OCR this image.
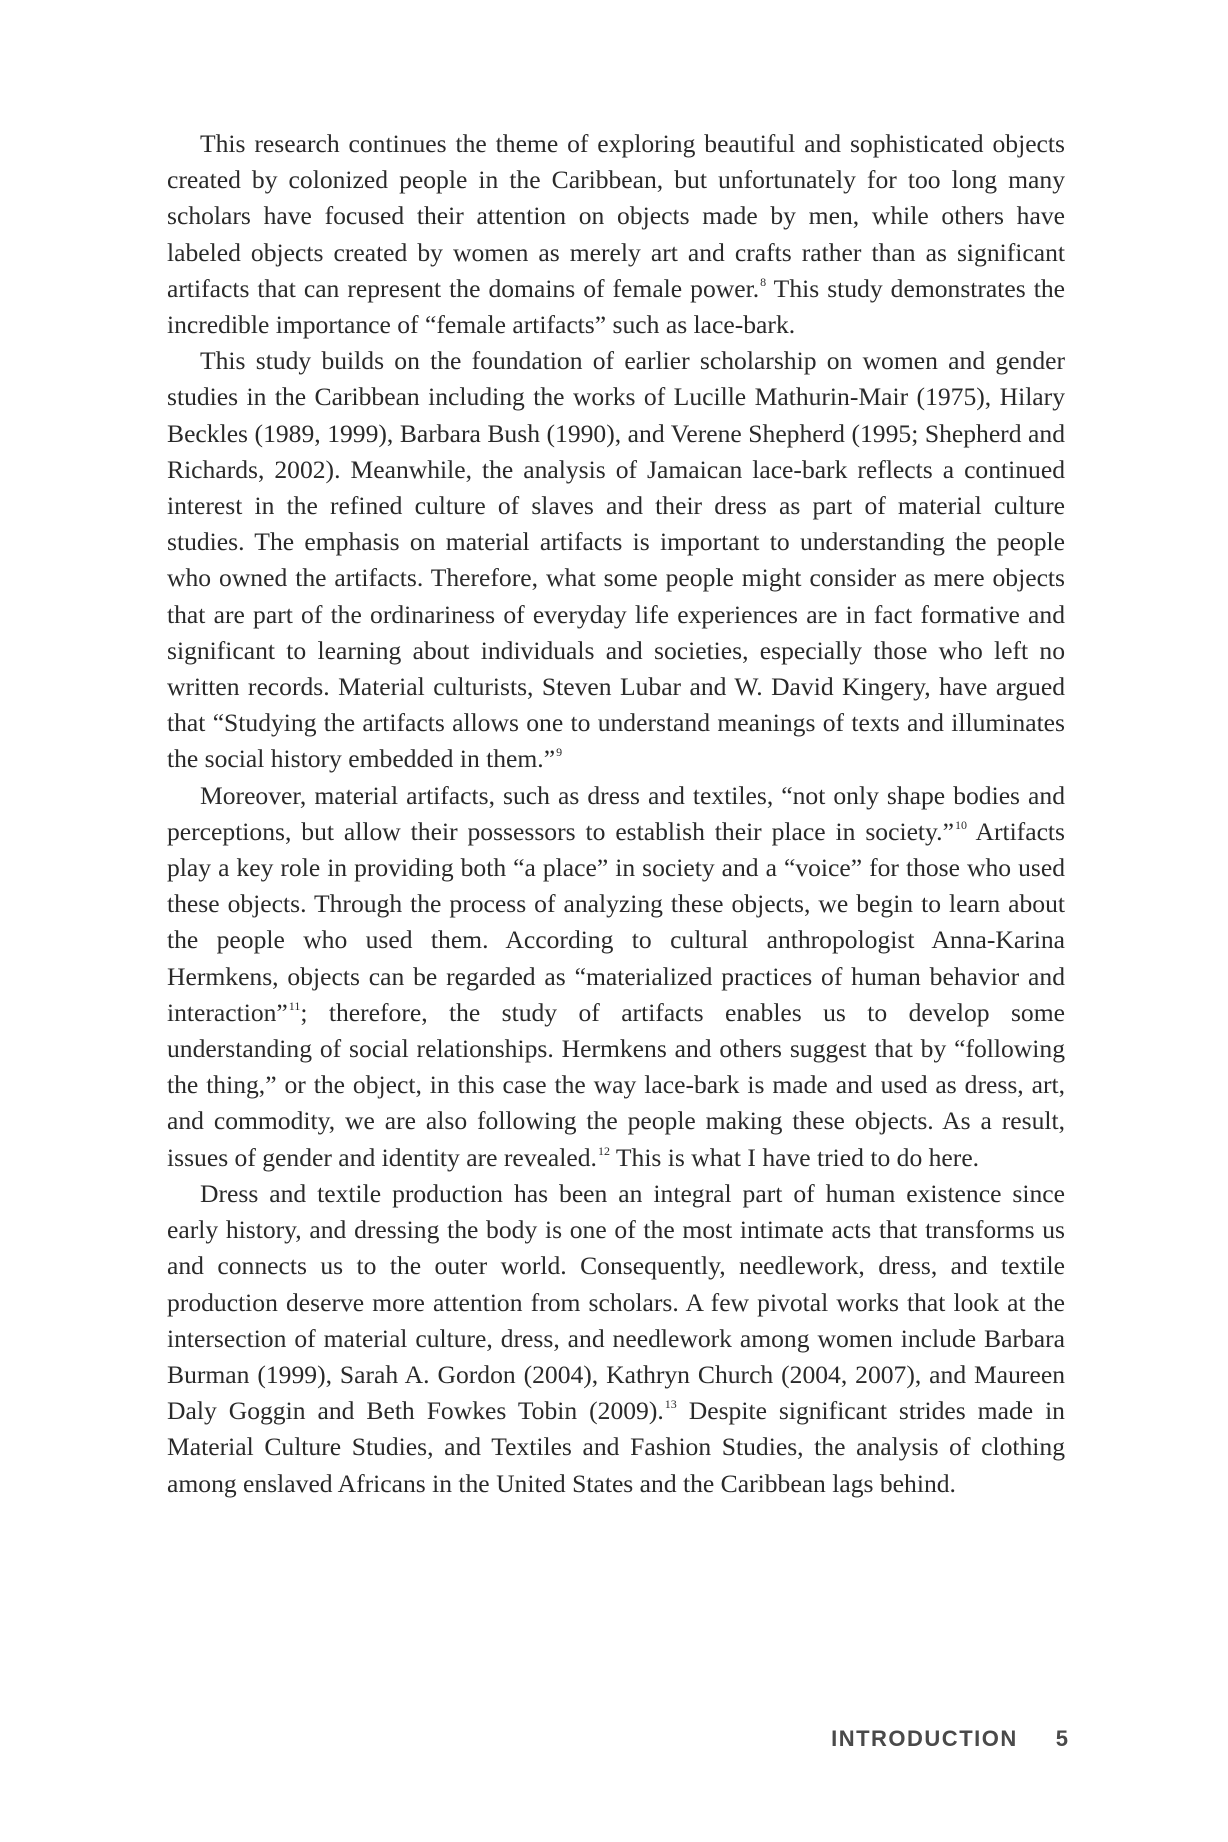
This research continues the theme of exploring beautiful and sophisticated objects created by colonized people in the Caribbean, but unfortunately for too long many scholars have focused their attention on objects made by men, while others have labeled objects created by women as merely art and crafts rather than as significant artifacts that can represent the domains of female power.$^8$ This study demonstrates the incredible importance of “female artifacts” such as lace-bark.

This study builds on the foundation of earlier scholarship on women and gender studies in the Caribbean including the works of Lucille Mathurin-Mair (1975), Hilary Beckles (1989, 1999), Barbara Bush (1990), and Verene Shepherd (1995; Shepherd and Richards, 2002). Meanwhile, the analysis of Jamaican lace-bark reflects a continued interest in the refined culture of slaves and their dress as part of material culture studies. The emphasis on material artifacts is important to understanding the people who owned the artifacts. Therefore, what some people might consider as mere objects that are part of the ordinariness of everyday life experiences are in fact formative and significant to learning about individuals and societies, especially those who left no written records. Material culturists, Steven Lubar and W. David Kingery, have argued that “Studying the artifacts allows one to understand meanings of texts and illuminates the social history embedded in them.”$^9$

Moreover, material artifacts, such as dress and textiles, “not only shape bodies and perceptions, but allow their possessors to establish their place in society.”$^{10}$ Artifacts play a key role in providing both “a place” in society and a “voice” for those who used these objects. Through the process of analyzing these objects, we begin to learn about the people who used them. According to cultural anthropologist Anna-Karina Hermkens, objects can be regarded as “materialized practices of human behavior and interaction”$^{11}$; therefore, the study of artifacts enables us to develop some understanding of social relationships. Hermkens and others suggest that by “following the thing,” or the object, in this case the way lace-bark is made and used as dress, art, and commodity, we are also following the people making these objects. As a result, issues of gender and identity are revealed.$^{12}$ This is what I have tried to do here.

Dress and textile production has been an integral part of human existence since early history, and dressing the body is one of the most intimate acts that transforms us and connects us to the outer world. Consequently, needlework, dress, and textile production deserve more attention from scholars. A few pivotal works that look at the intersection of material culture, dress, and needlework among women include Barbara Burman (1999), Sarah A. Gordon (2004), Kathryn Church (2004, 2007), and Maureen Daly Goggin and Beth Fowkes Tobin (2009).$^{13}$ Despite significant strides made in Material Culture Studies, and Textiles and Fashion Studies, the analysis of clothing among enslaved Africans in the United States and the Caribbean lags behind.

INTRODUCTION 5
